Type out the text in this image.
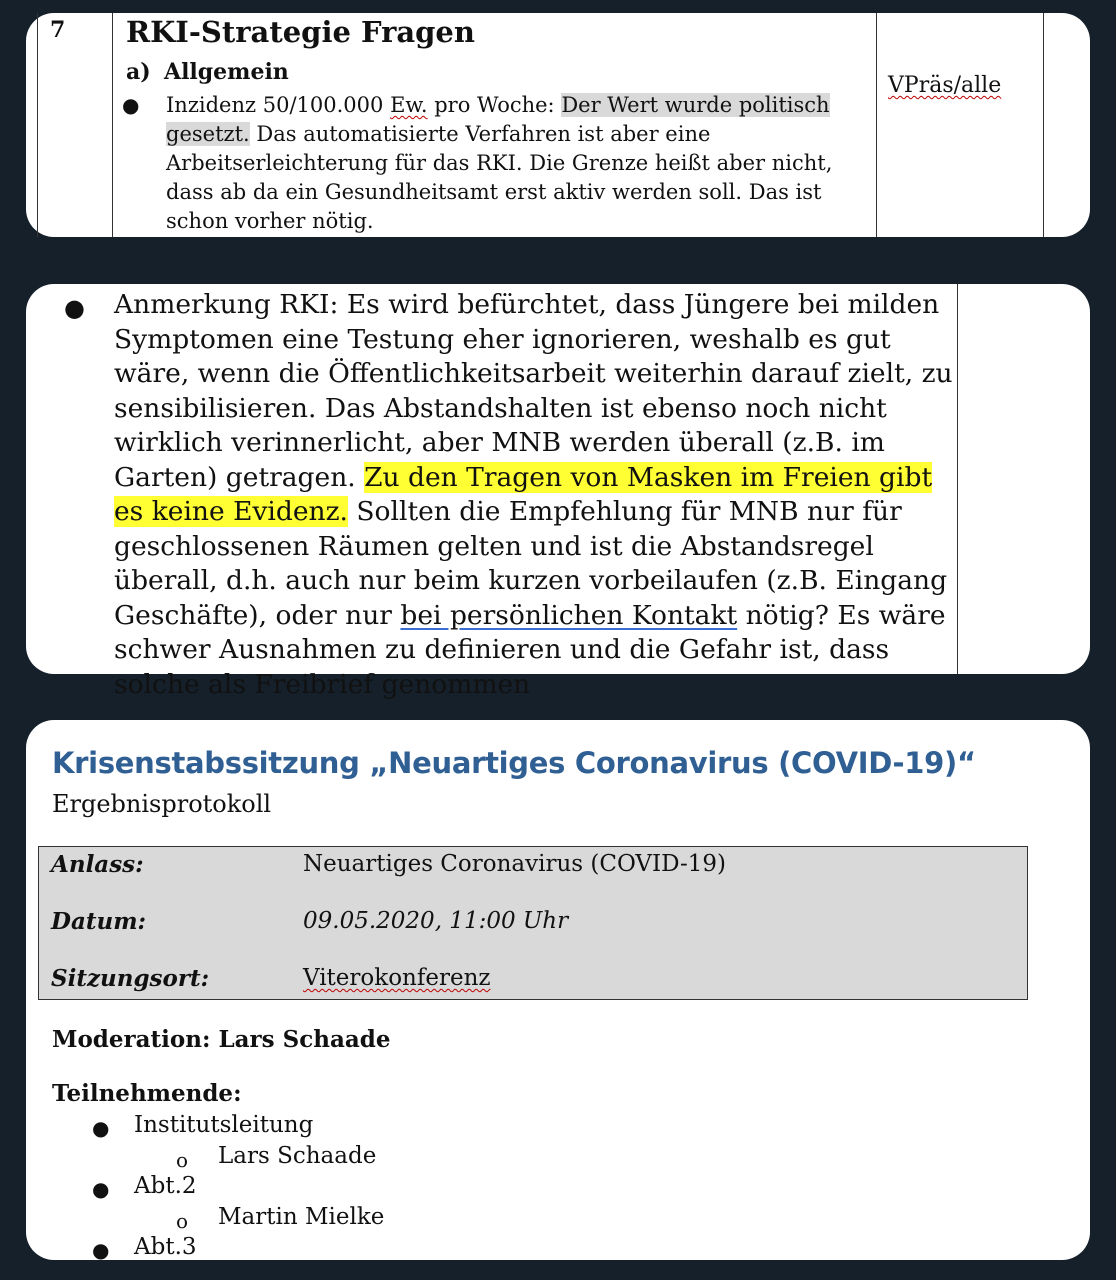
7 RKI-Strategie Fragen
a) Allgemein
● Inzidenz 50/100.000 Ew. pro Woche: Der Wert wurde politisch gesetzt. Das automatisierte Verfahren ist aber eine Arbeitserleichterung für das RKI. Die Grenze heißt aber nicht, dass ab da ein Gesundheitsamt erst aktiv werden soll. Das ist schon vorher nötig.

VPräs/alle
● Anmerkung RKI: Es wird befürchtet, dass Jüngere bei milden Symptomen eine Testung eher ignorieren, weshalb es gut wäre, wenn die Öffentlichkeitsarbeit weiterhin darauf zielt, zu sensibilisieren. Das Abstandshalten ist ebenso noch nicht wirklich verinnerlicht, aber MNB werden überall (z.B. im Garten) getragen. Zu den Tragen von Masken im Freien gibt es keine Evidenz. Sollten die Empfehlung für MNB nur für geschlossenen Räumen gelten und ist die Abstandsregel überall, d.h. auch nur beim kurzen vorbeilaufen (z.B. Eingang Geschäfte), oder nur bei persönlichen Kontakt nötig? Es wäre schwer Ausnahmen zu definieren und die Gefahr ist, dass solche als Freibrief genommen

Krisenstabssitzung „Neuartiges Coronavirus (COVID-19)“
Ergebnisprotokoll
Anlass:	Neuartiges Coronavirus (COVID-19)
Datum:	09.05.2020, 11:00 Uhr
Sitzungsort:	Viterokonferenz
Moderation: Lars Schaade
Teilnehmende:
● Institutsleitung
o Lars Schaade
● Abt.2
o Martin Mielke
● Abt.3
